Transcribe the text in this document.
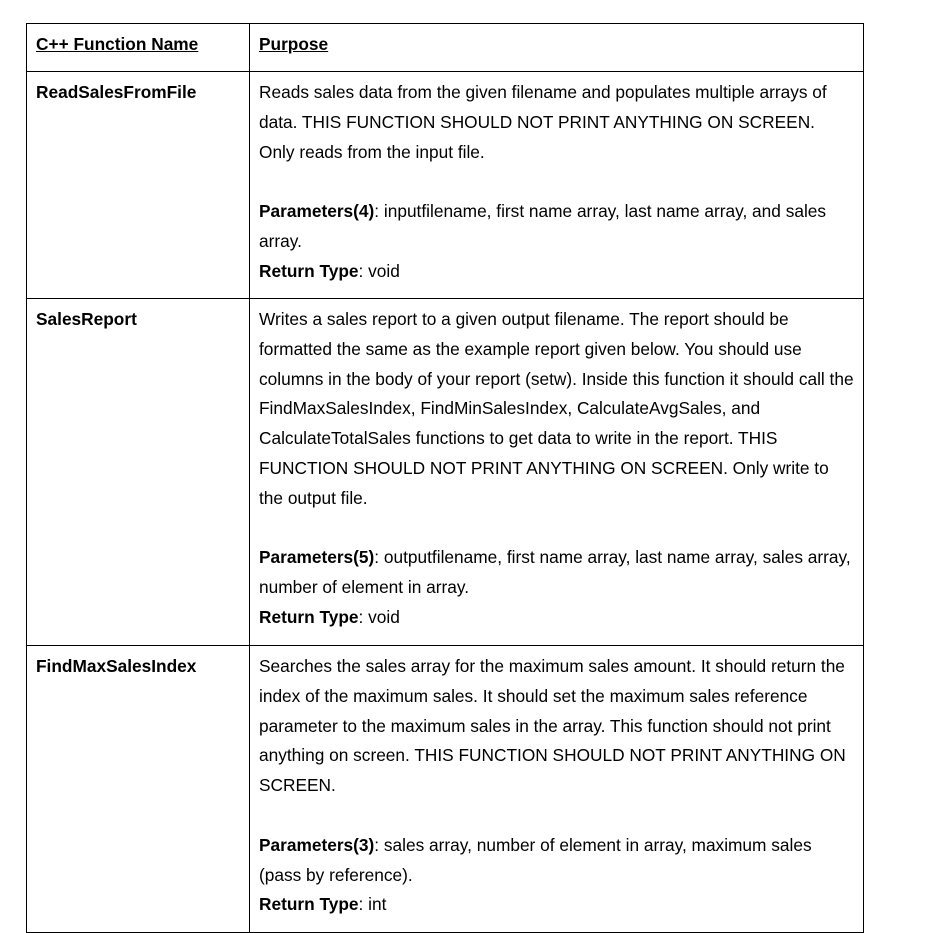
C++ Function Name	Purpose

ReadSalesFromFile	Reads sales data from the given filename and populates multiple arrays of data. THIS FUNCTION SHOULD NOT PRINT ANYTHING ON SCREEN. Only reads from the input file.

Parameters(4): inputfilename, first name array, last name array, and sales array.

Return Type: void

SalesReport	Writes a sales report to a given output filename. The report should be formatted the same as the example report given below. You should use columns in the body of your report (setw). Inside this function it should call the FindMaxSalesIndex, FindMinSalesIndex, CalculateAvgSales, and CalculateTotalSales functions to get data to write in the report. THIS FUNCTION SHOULD NOT PRINT ANYTHING ON SCREEN. Only write to the output file.

Parameters(5): outputfilename, first name array, last name array, sales array, number of element in array.

Return Type: void

FindMaxSalesIndex	Searches the sales array for the maximum sales amount. It should return the index of the maximum sales. It should set the maximum sales reference parameter to the maximum sales in the array. This function should not print anything on screen. THIS FUNCTION SHOULD NOT PRINT ANYTHING ON SCREEN.

Parameters(3): sales array, number of element in array, maximum sales (pass by reference).

Return Type: int
